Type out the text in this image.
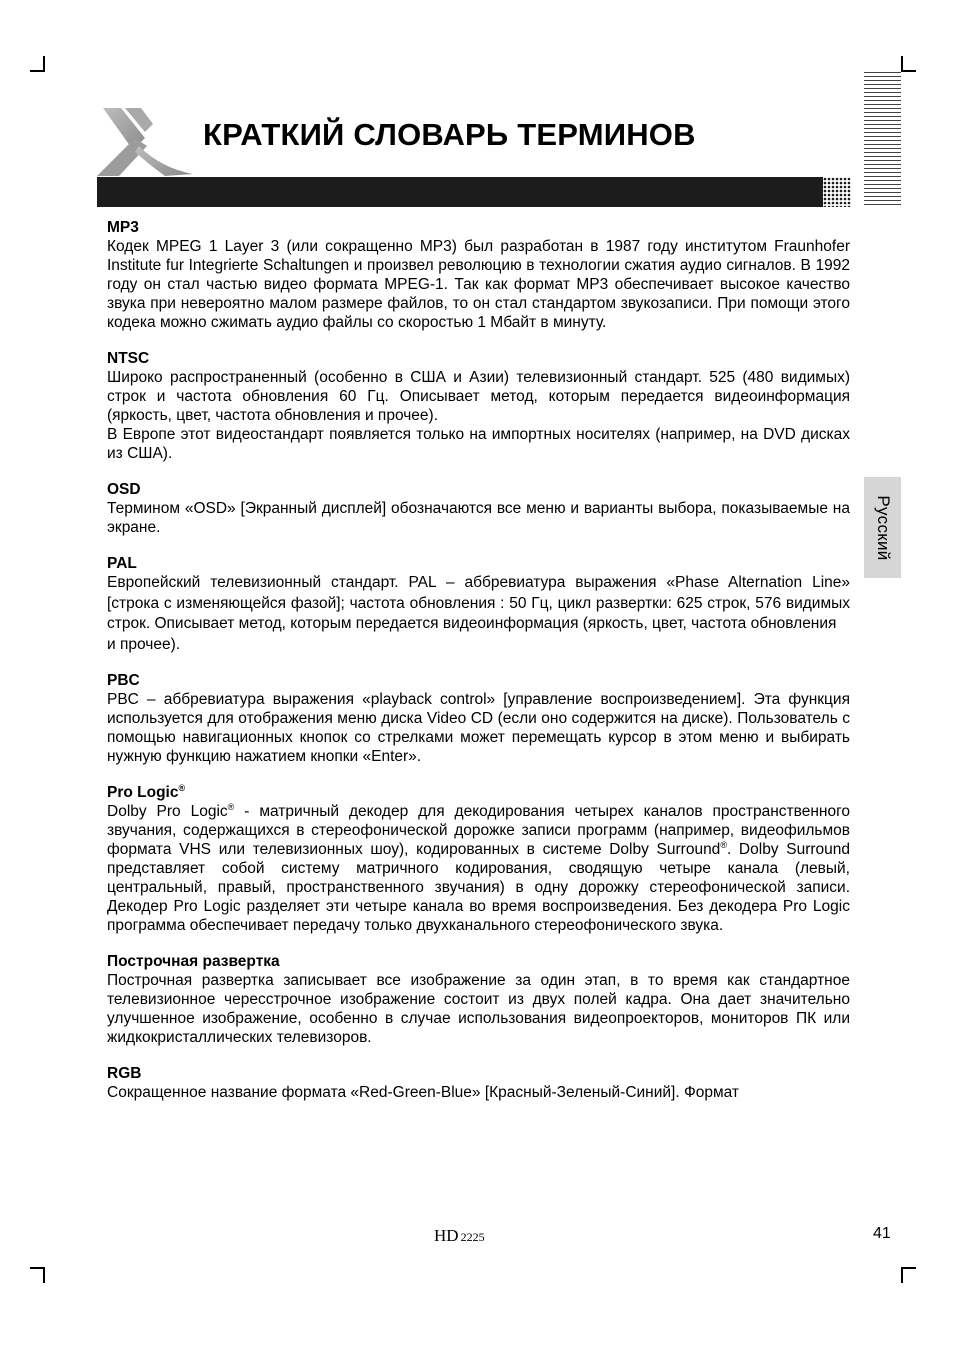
КРАТКИЙ СЛОВАРЬ ТЕРМИНОВ
Русский

MP3

Кодек MPEG 1 Layer 3 (или сокращенно MP3) был разработан в 1987 году институтом Fraunhofer Institute fur Integrierte Schaltungen и произвел революцию в технологии сжатия аудио сигналов. В 1992 году он стал частью видео формата MPEG-1. Так как формат MP3 обеспечивает высокое качество звука при невероятно малом размере файлов, то он стал стандартом звукозаписи. При помощи этого кодека можно сжимать аудио файлы со скоростью 1 Мбайт в минуту.

NTSC

Широко распространенный (особенно в США и Азии) телевизионный стандарт. 525 (480 видимых) строк и частота обновления 60 Гц. Описывает метод, которым передается видеоинформация (яркость, цвет, частота обновления и прочее).

В Европе этот видеостандарт появляется только на импортных носителях (например, на DVD дисках из США).

OSD

Термином «OSD» [Экранный дисплей] обозначаются все меню и варианты выбора, показываемые на экране.

PAL

Европейский телевизионный стандарт. PAL – аббревиатура выражения «Phase Alternation Line» [строка с изменяющейся фазой]; частота обновления : 50 Гц, цикл развертки: 625 строк, 576 видимых строк. Описывает метод, которым передается видеоинформация (яркость, цвет, частота обновления

и прочее).

PBC

PBC – аббревиатура выражения «playback control» [управление воспроизведением]. Эта функция используется для отображения меню диска Video CD (если оно содержится на диске). Пользователь с помощью навигационных кнопок со стрелками может перемещать курсор в этом меню и выбирать нужную функцию нажатием кнопки «Enter».

Pro Logic®

Dolby Pro Logic® - матричный декодер для декодирования четырех каналов пространственного звучания, содержащихся в стереофонической дорожке записи программ (например, видеофильмов формата VHS или телевизионных шоу), кодированных в системе Dolby Surround®. Dolby Surround представляет собой систему матричного кодирования, сводящую четыре канала (левый, центральный, правый, пространственного звучания) в одну дорожку стереофонической записи. Декодер Pro Logic разделяет эти четыре канала во время воспроизведения. Без декодера Pro Logic программа обеспечивает передачу только двухканального стереофонического звука.

Построчная развертка

Построчная развертка записывает все изображение за один этап, в то время как стандартное телевизионное чересстрочное изображение состоит из двух полей кадра. Она дает значительно улучшенное изображение, особенно в случае использования видеопроекторов, мониторов ПК или жидкокристаллических телевизоров.

RGB

Сокращенное название формата «Red-Green-Blue» [Красный-Зеленый-Синий]. Формат

HD 2225	41
